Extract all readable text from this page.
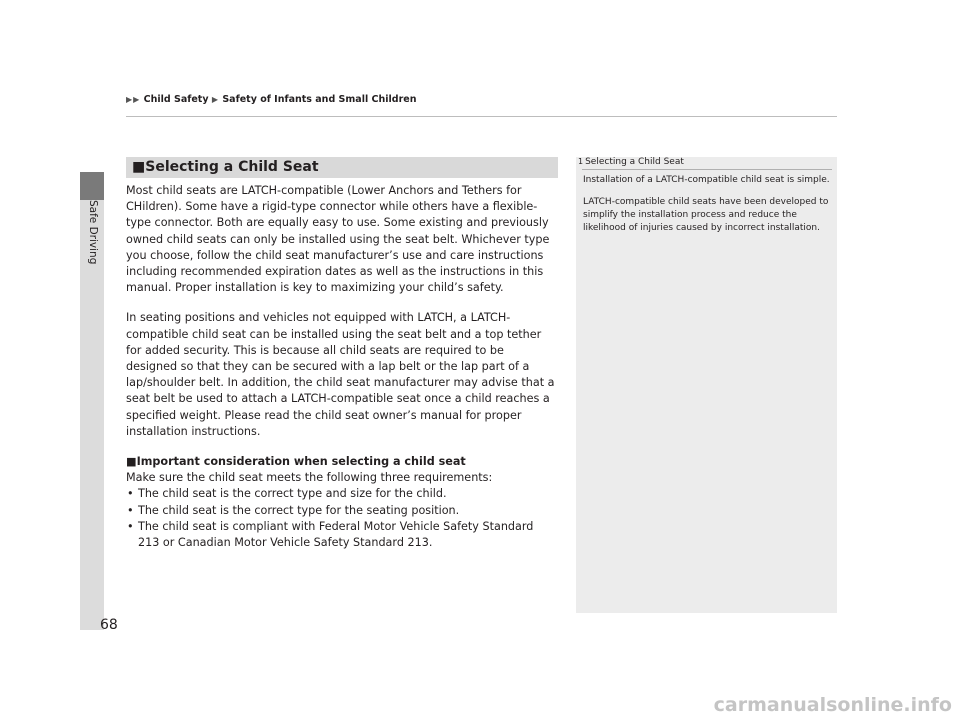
Safe Driving
▶▶ Child Safety ▶ Safety of Infants and Small Children
■Selecting a Child Seat

Most child seats are LATCH-compatible (Lower Anchors and Tethers for CHildren). Some have a rigid-type connector while others have a flexible-type connector. Both are equally easy to use. Some existing and previously owned child seats can only be installed using the seat belt. Whichever type you choose, follow the child seat manufacturer’s use and care instructions including recommended expiration dates as well as the instructions in this manual. Proper installation is key to maximizing your child’s safety.

In seating positions and vehicles not equipped with LATCH, a LATCH-compatible child seat can be installed using the seat belt and a top tether for added security. This is because all child seats are required to be designed so that they can be secured with a lap belt or the lap part of a lap/shoulder belt. In addition, the child seat manufacturer may advise that a seat belt be used to attach a LATCH-compatible seat once a child reaches a specified weight. Please read the child seat owner’s manual for proper installation instructions.

■Important consideration when selecting a child seat

Make sure the child seat meets the following three requirements:

• The child seat is the correct type and size for the child.
• The child seat is the correct type for the seating position.
• The child seat is compliant with Federal Motor Vehicle Safety Standard 213 or Canadian Motor Vehicle Safety Standard 213.
1 Selecting a Child Seat

Installation of a LATCH-compatible child seat is simple.

LATCH-compatible child seats have been developed to simplify the installation process and reduce the likelihood of injuries caused by incorrect installation.

68
carmanualsonline.info
